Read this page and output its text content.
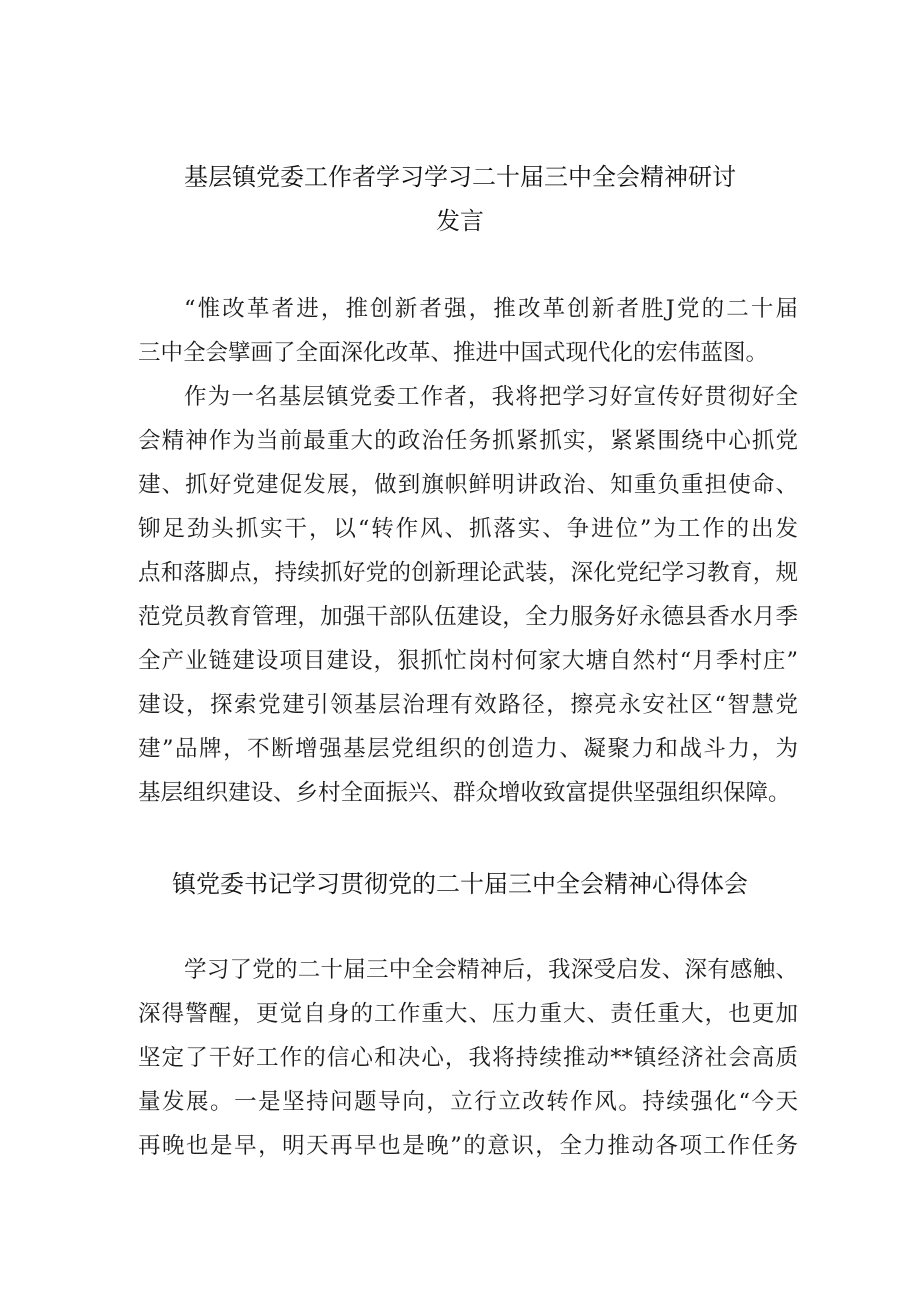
基层镇党委工作者学习学习二十届三中全会精神研讨
发言
“惟改革者进，推创新者强，推改革创新者胜J党的二十届
三中全会擘画了全面深化改革、推进中国式现代化的宏伟蓝图。
作为一名基层镇党委工作者，我将把学习好宣传好贯彻好全
会精神作为当前最重大的政治任务抓紧抓实，紧紧围绕中心抓党
建、抓好党建促发展，做到旗帜鲜明讲政治、知重负重担使命、
铆足劲头抓实干，以“转作风、抓落实、争进位”为工作的出发
点和落脚点，持续抓好党的创新理论武装，深化党纪学习教育，规
范党员教育管理，加强干部队伍建设，全力服务好永德县香水月季
全产业链建设项目建设，狠抓忙岗村何家大塘自然村“月季村庄”
建设，探索党建引领基层治理有效路径，擦亮永安社区“智慧党
建”品牌，不断增强基层党组织的创造力、凝聚力和战斗力，为
基层组织建设、乡村全面振兴、群众增收致富提供坚强组织保障。
镇党委书记学习贯彻党的二十届三中全会精神心得体会
学习了党的二十届三中全会精神后，我深受启发、深有感触、
深得警醒，更觉自身的工作重大、压力重大、责任重大，也更加
坚定了干好工作的信心和决心，我将持续推动**镇经济社会高质
量发展。一是坚持问题导向，立行立改转作风。持续强化“今天
再晚也是早，明天再早也是晚”的意识，全力推动各项工作任务
